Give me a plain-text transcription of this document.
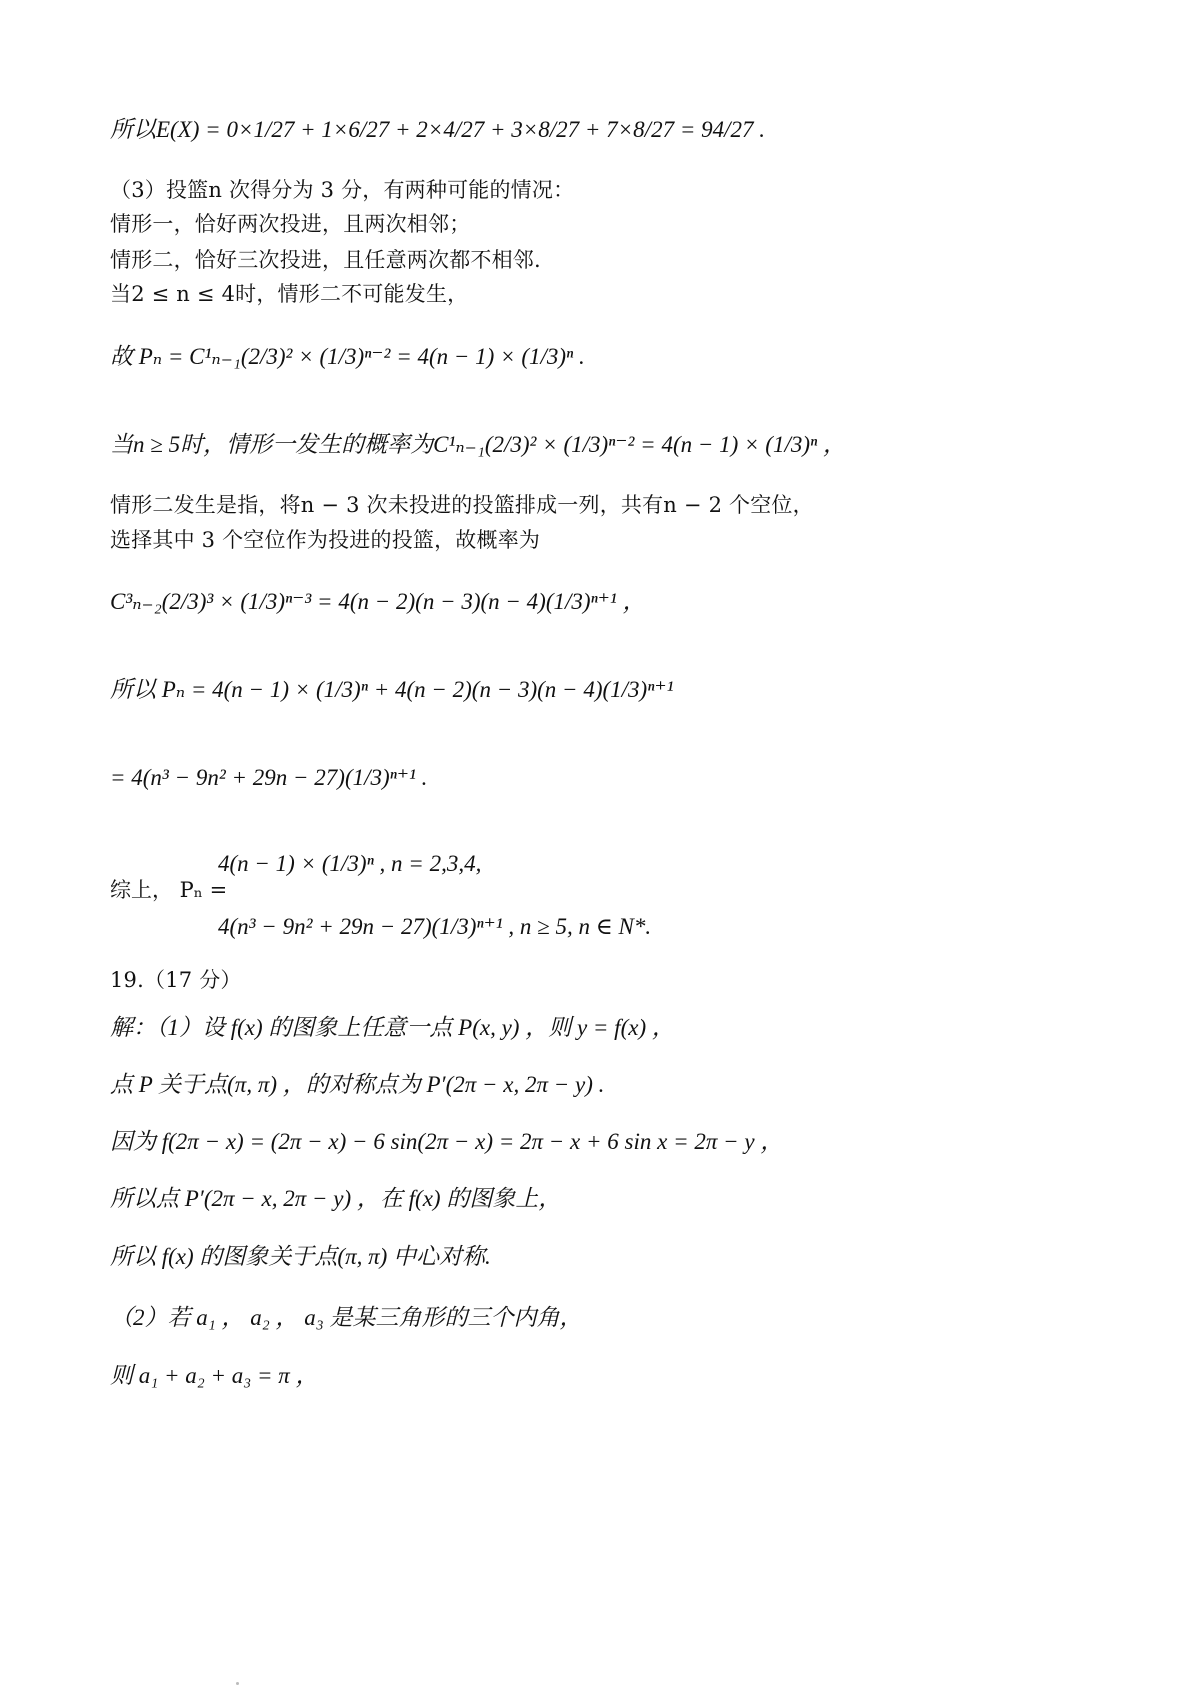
所以E(X) = 0×1/27 + 1×6/27 + 2×4/27 + 3×8/27 + 7×8/27 = 94/27 .
（3）投篮n 次得分为 3 分，有两种可能的情况：
情形一，恰好两次投进，且两次相邻；
情形二，恰好三次投进，且任意两次都不相邻.
当2 ≤ n ≤ 4时，情形二不可能发生，
故 Pₙ = C¹ₙ₋₁(2/3)² × (1/3)ⁿ⁻² = 4(n − 1) × (1/3)ⁿ .
当n ≥ 5时，情形一发生的概率为C¹ₙ₋₁(2/3)² × (1/3)ⁿ⁻² = 4(n − 1) × (1/3)ⁿ ，
情形二发生是指，将n − 3 次未投进的投篮排成一列，共有n − 2 个空位，
选择其中 3 个空位作为投进的投篮，故概率为
C³ₙ₋₂(2/3)³ × (1/3)ⁿ⁻³ = 4(n − 2)(n − 3)(n − 4)(1/3)ⁿ⁺¹ ，
所以 Pₙ = 4(n − 1) × (1/3)ⁿ + 4(n − 2)(n − 3)(n − 4)(1/3)ⁿ⁺¹
= 4(n³ − 9n² + 29n − 27)(1/3)ⁿ⁺¹ .
综上， Pₙ =
4(n − 1) × (1/3)ⁿ , n = 2,3,4,
4(n³ − 9n² + 29n − 27)(1/3)ⁿ⁺¹ , n ≥ 5, n ∈ N*.
19.（17 分）
解：（1）设 f(x) 的图象上任意一点 P(x, y) ，则 y = f(x) ，
点 P 关于点(π, π) ，的对称点为 P′(2π − x, 2π − y) .
因为 f(2π − x) = (2π − x) − 6 sin(2π − x) = 2π − x + 6 sin x = 2π − y ，
所以点 P′(2π − x, 2π − y) ，在 f(x) 的图象上，
所以 f(x) 的图象关于点(π, π) 中心对称.
（2）若 a₁ ， a₂ ， a₃ 是某三角形的三个内角，
则 a₁ + a₂ + a₃ = π ，
